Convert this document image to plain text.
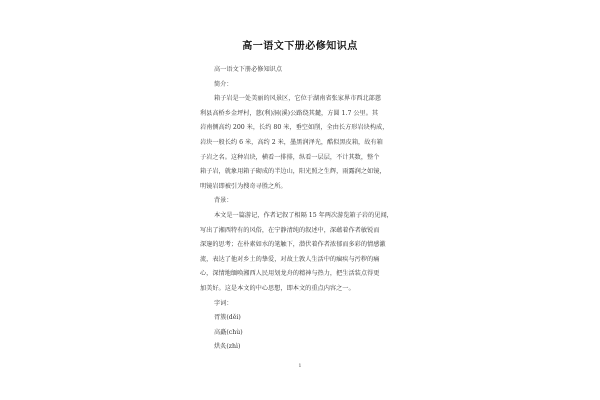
高一语文下册必修知识点
高一语文下册必修知识点
简介：
箱子岩是一处美丽的风景区，它位于湖南省张家界市西北部慈
利县高桥乡金坪村，慈(利)洞(溪)公路绕其麓，方圆 1.7 公里。其
岩南侧高约 200 米，长约 80 米，垂空如削，全由长方形岩块构成，
岩块一般长约 6 米，高约 2 米，墨黑润泽光，酷似黑皮箱，故有箱
子岩之名。这种岩块，横看一排排，纵看一层层，不计其数，整个
箱子岩，就象用箱子砌成的半边山，阳光照之生辉，雨露润之如镜，
明镜岩即被引为搜奇寻胜之所。
背景：
本文是一篇游记，作者记叙了相隔 15 年两次游览箱子岩的见闻，
写出了湘西特有的风俗，在宁静清纯的叙述中，深蕴着作者敏锐而
深邃的思考；在朴素如水的笔触下，潜伏着作者浓郁而多彩的情感激
流，表达了他对乡土的挚爱，对故土敦人生活中的痼疾与污秽的痛
心，深情地缅唤湘西人民用划龙舟的精神与热力，把生活装点得更
加美好。这是本文的中心思想，即本文的重点内容之一。
字词：
胥簇(děi)
高矗(chù)
烘炙(zhì)
1
